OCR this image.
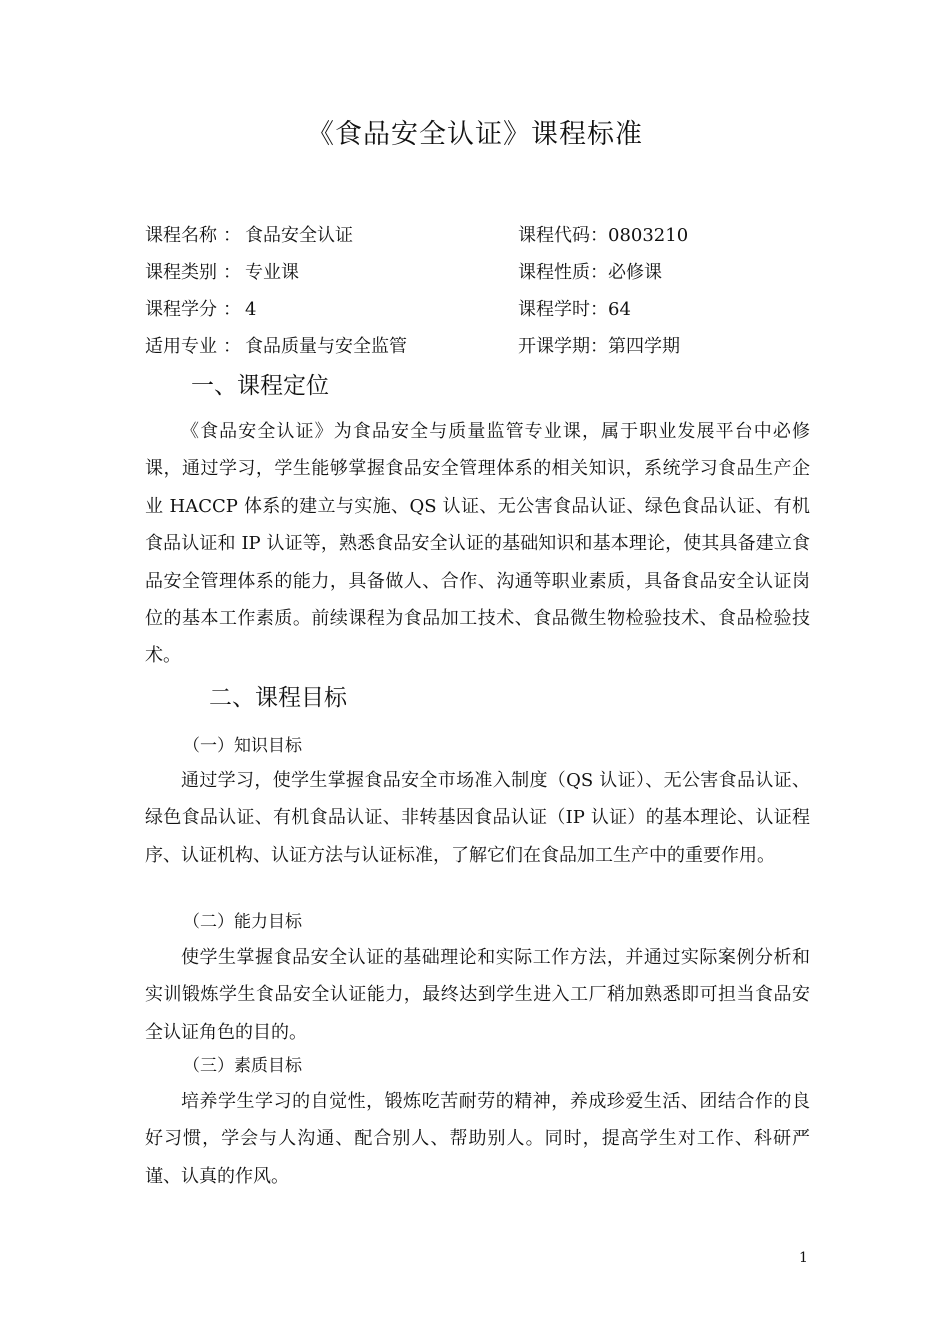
《食品安全认证》课程标准
课程名称 ： 食品安全认证	课程代码：0803210
课程类别 ： 专业课	课程性质：必修课
课程学分 ： 4	课程学时：64
适用专业 ： 食品质量与安全监管	开课学期：第四学期
一、课程定位

《食品安全认证》为食品安全与质量监管专业课，属于职业发展平台中必修课，通过学习，学生能够掌握食品安全管理体系的相关知识，系统学习食品生产企业 HACCP 体系的建立与实施、QS 认证、无公害食品认证、绿色食品认证、有机食品认证和 IP 认证等，熟悉食品安全认证的基础知识和基本理论，使其具备建立食品安全管理体系的能力，具备做人、合作、沟通等职业素质，具备食品安全认证岗位的基本工作素质。前续课程为食品加工技术、食品微生物检验技术、食品检验技术。

二、课程目标
（一）知识目标

通过学习，使学生掌握食品安全市场准入制度（QS 认证）、无公害食品认证、绿色食品认证、有机食品认证、非转基因食品认证（IP 认证）的基本理论、认证程序、认证机构、认证方法与认证标准，了解它们在食品加工生产中的重要作用。

（二）能力目标

使学生掌握食品安全认证的基础理论和实际工作方法，并通过实际案例分析和实训锻炼学生食品安全认证能力，最终达到学生进入工厂稍加熟悉即可担当食品安全认证角色的目的。

（三）素质目标

培养学生学习的自觉性，锻炼吃苦耐劳的精神，养成珍爱生活、团结合作的良好习惯，学会与人沟通、配合别人、帮助别人。同时，提高学生对工作、科研严谨、认真的作风。

1
